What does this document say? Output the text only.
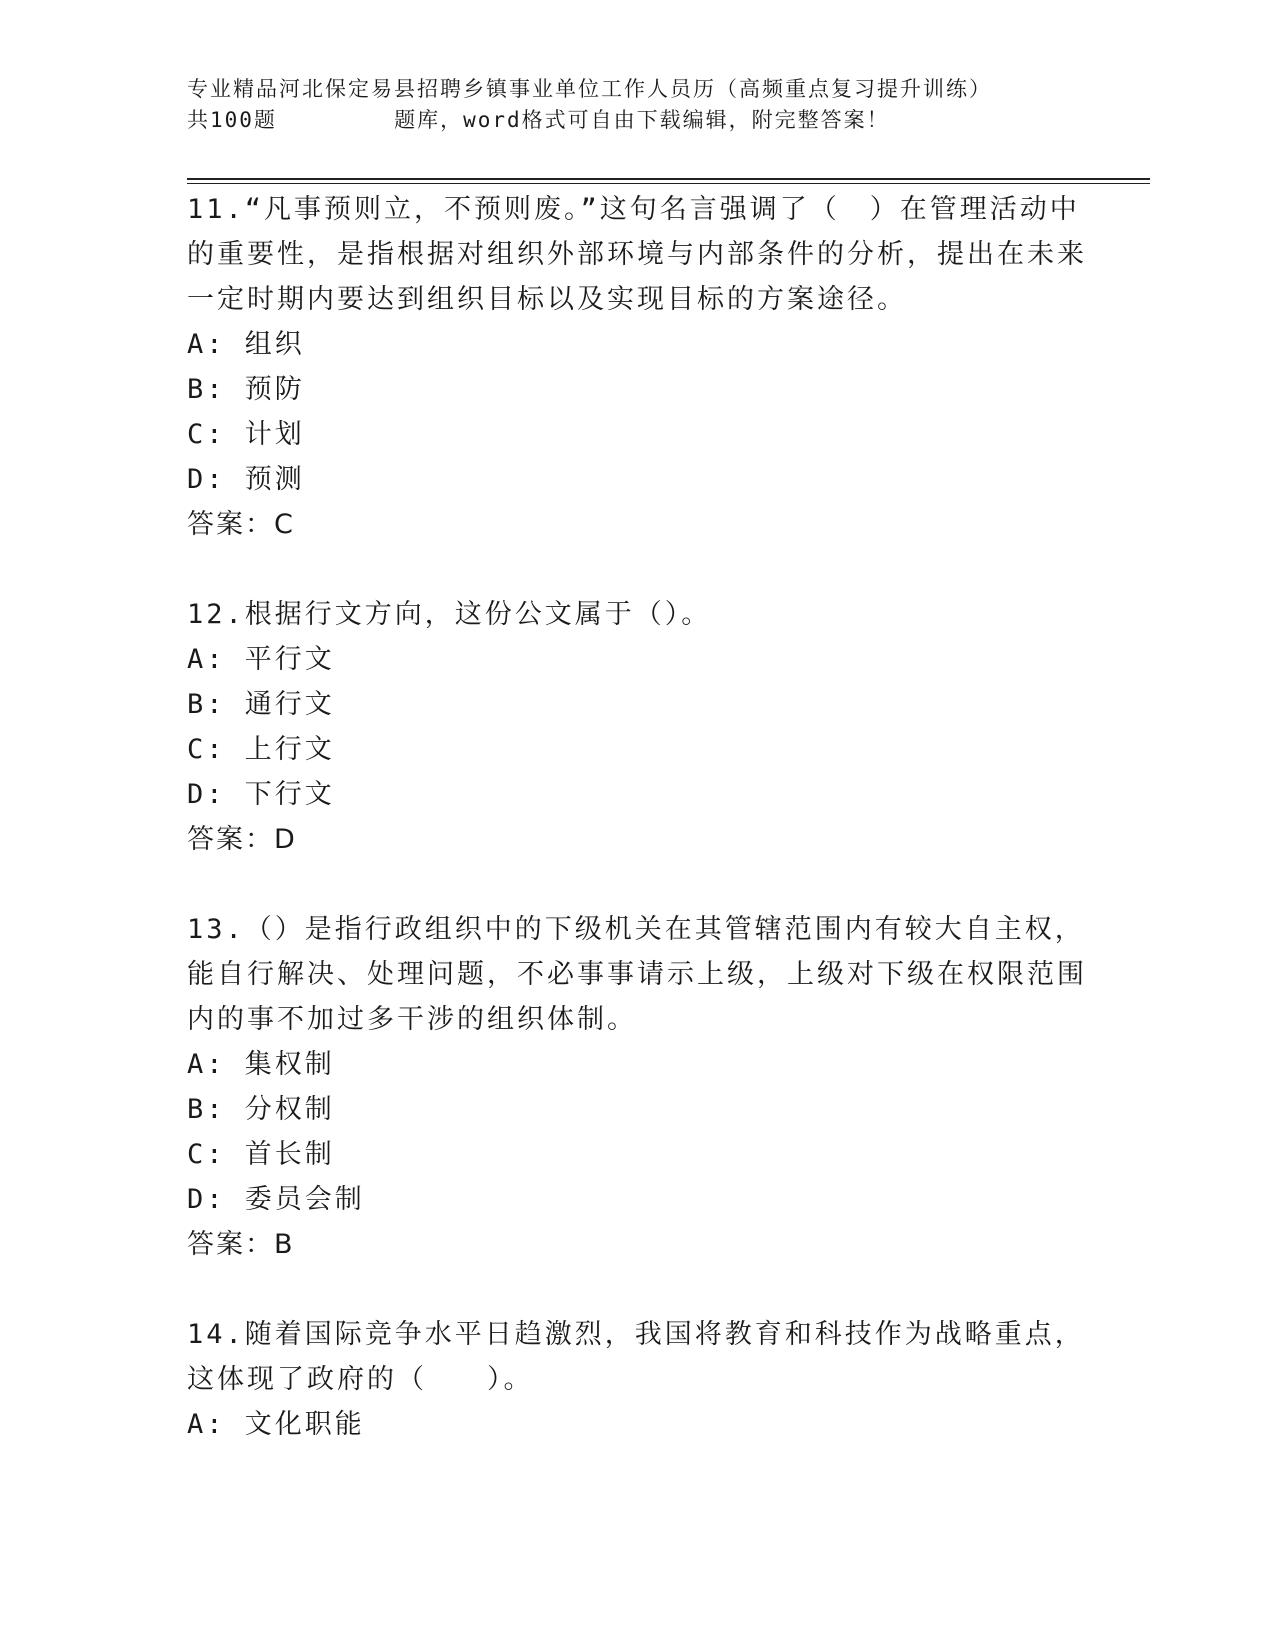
专业精品河北保定易县招聘乡镇事业单位工作人员历（高频重点复习提升训练）
共100题        题库，word格式可自由下载编辑，附完整答案！

11.“凡事预则立，不预则废。”这句名言强调了（　）在管理活动中的重要性，是指根据对组织外部环境与内部条件的分析，提出在未来一定时期内要达到组织目标以及实现目标的方案途径。

A: 组织

B: 预防

C: 计划

D: 预测

答案：C

12.根据行文方向，这份公文属于（）。

A: 平行文

B: 通行文

C: 上行文

D: 下行文

答案：D

13.（）是指行政组织中的下级机关在其管辖范围内有较大自主权，能自行解决、处理问题，不必事事请示上级，上级对下级在权限范围内的事不加过多干涉的组织体制。

A: 集权制

B: 分权制

C: 首长制

D: 委员会制

答案：B

14.随着国际竞争水平日趋激烈，我国将教育和科技作为战略重点，这体现了政府的（　　）。

A: 文化职能
